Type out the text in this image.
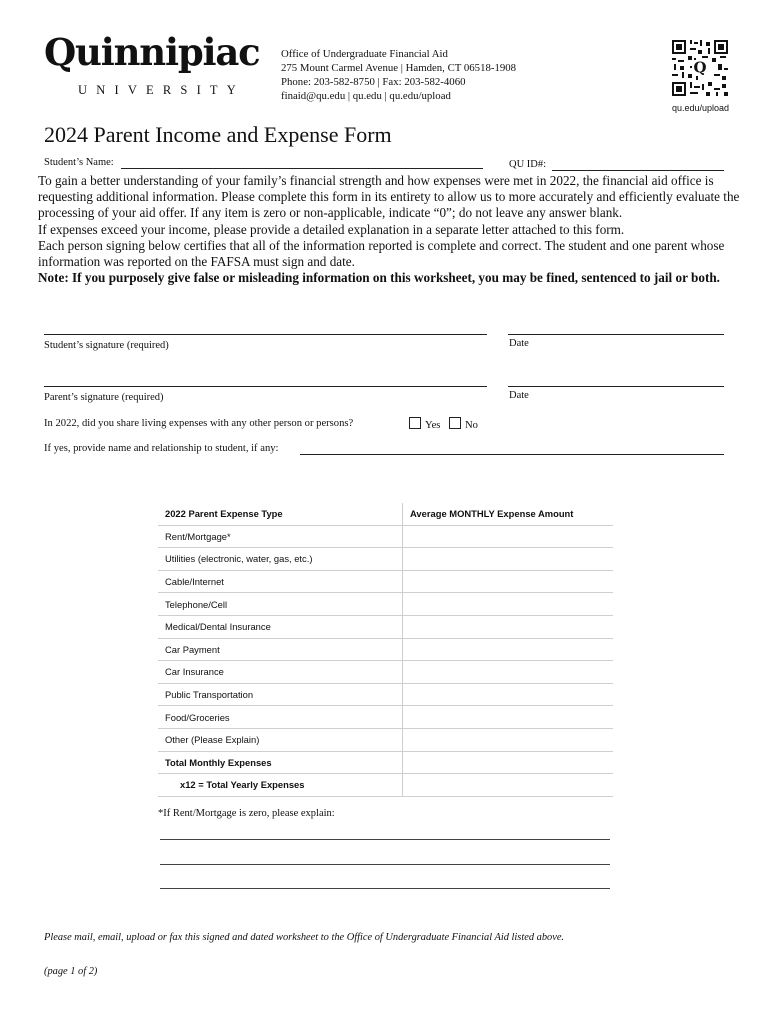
Quinnipiac
UNIVERSITY
Office of Undergraduate Financial Aid
275 Mount Carmel Avenue | Hamden, CT 06518-1908
Phone: 203-582-8750 | Fax: 203-582-4060
finaid@qu.edu | qu.edu | qu.edu/upload
Q
qu.edu/upload
2024 Parent Income and Expense Form
Student’s Name:	QU ID#:

To gain a better understanding of your family’s financial strength and how expenses were met in 2022, the financial aid office is requesting additional information. Please complete this form in its entirety to allow us to more accurately and efficiently evaluate the processing of your aid offer. If any item is zero or non-applicable, indicate “0”; do not leave any answer blank.

If expenses exceed your income, please provide a detailed explanation in a separate letter attached to this form.

Each person signing below certifies that all of the information reported is complete and correct. The student and one parent whose information was reported on the FAFSA must sign and date.

Note: If you purposely give false or misleading information on this worksheet, you may be fined, sentenced to jail or both.

Student’s signature (required)	Date
Parent’s signature (required)	Date
In 2022, did you share living expenses with any other person or persons?	Yes	No
If yes, provide name and relationship to student, if any:
2022 Parent Expense Type	Average MONTHLY Expense Amount
Rent/Mortgage*	
Utilities (electronic, water, gas, etc.)	
Cable/Internet	
Telephone/Cell	
Medical/Dental Insurance	
Car Payment	
Car Insurance	
Public Transportation	
Food/Groceries	
Other (Please Explain)	
Total Monthly Expenses	
x12 = Total Yearly Expenses	
*If Rent/Mortgage is zero, please explain:
Please mail, email, upload or fax this signed and dated worksheet to the Office of Undergraduate Financial Aid listed above.
(page 1 of 2)
